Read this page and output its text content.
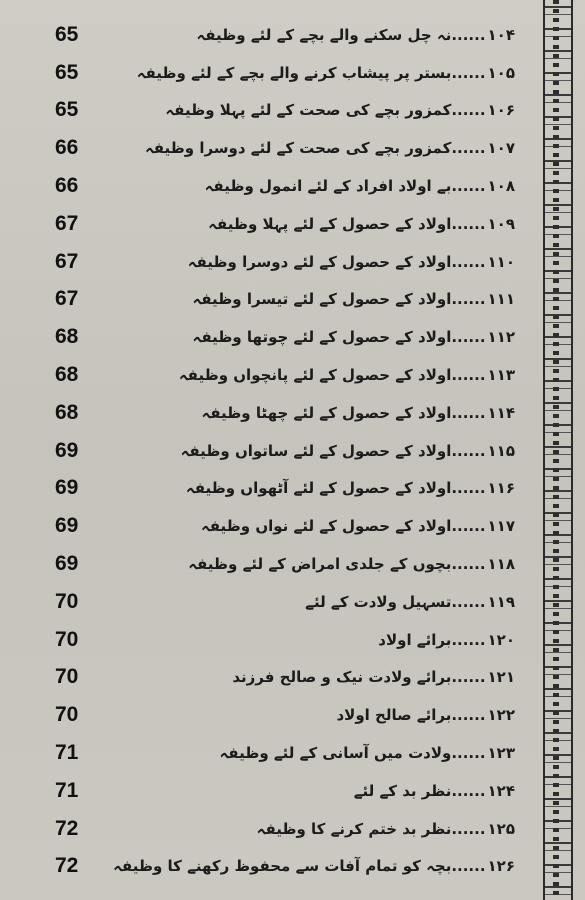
65	۱۰۴......نہ چل سکنے والے بچے کے لئے وظیفہ
65	۱۰۵......بستر پر پیشاب کرنے والے بچے کے لئے وظیفہ
65	۱۰۶......کمزور بچے کی صحت کے لئے پہلا وظیفہ
66	۱۰۷......کمزور بچے کی صحت کے لئے دوسرا وظیفہ
66	۱۰۸......بے اولاد افراد کے لئے انمول وظیفہ
67	۱۰۹......اولاد کے حصول کے لئے پہلا وظیفہ
67	۱۱۰......اولاد کے حصول کے لئے دوسرا وظیفہ
67	۱۱۱......اولاد کے حصول کے لئے تیسرا وظیفہ
68	۱۱۲......اولاد کے حصول کے لئے چوتھا وظیفہ
68	۱۱۳......اولاد کے حصول کے لئے پانچواں وظیفہ
68	۱۱۴......اولاد کے حصول کے لئے چھٹا وظیفہ
69	۱۱۵......اولاد کے حصول کے لئے ساتواں وظیفہ
69	۱۱۶......اولاد کے حصول کے لئے آٹھواں وظیفہ
69	۱۱۷......اولاد کے حصول کے لئے نواں وظیفہ
69	۱۱۸......بچوں کے جلدی امراض کے لئے وظیفہ
70	۱۱۹......تسہیل ولادت کے لئے
70	۱۲۰......برائے اولاد
70	۱۲۱......برائے ولادت نیک و صالح فرزند
70	۱۲۲......برائے صالح اولاد
71	۱۲۳......ولادت میں آسانی کے لئے وظیفہ
71	۱۲۴......نظر بد کے لئے
72	۱۲۵......نظر بد ختم کرنے کا وظیفہ
72	۱۲۶......بچہ کو تمام آفات سے محفوظ رکھنے کا وظیفہ
